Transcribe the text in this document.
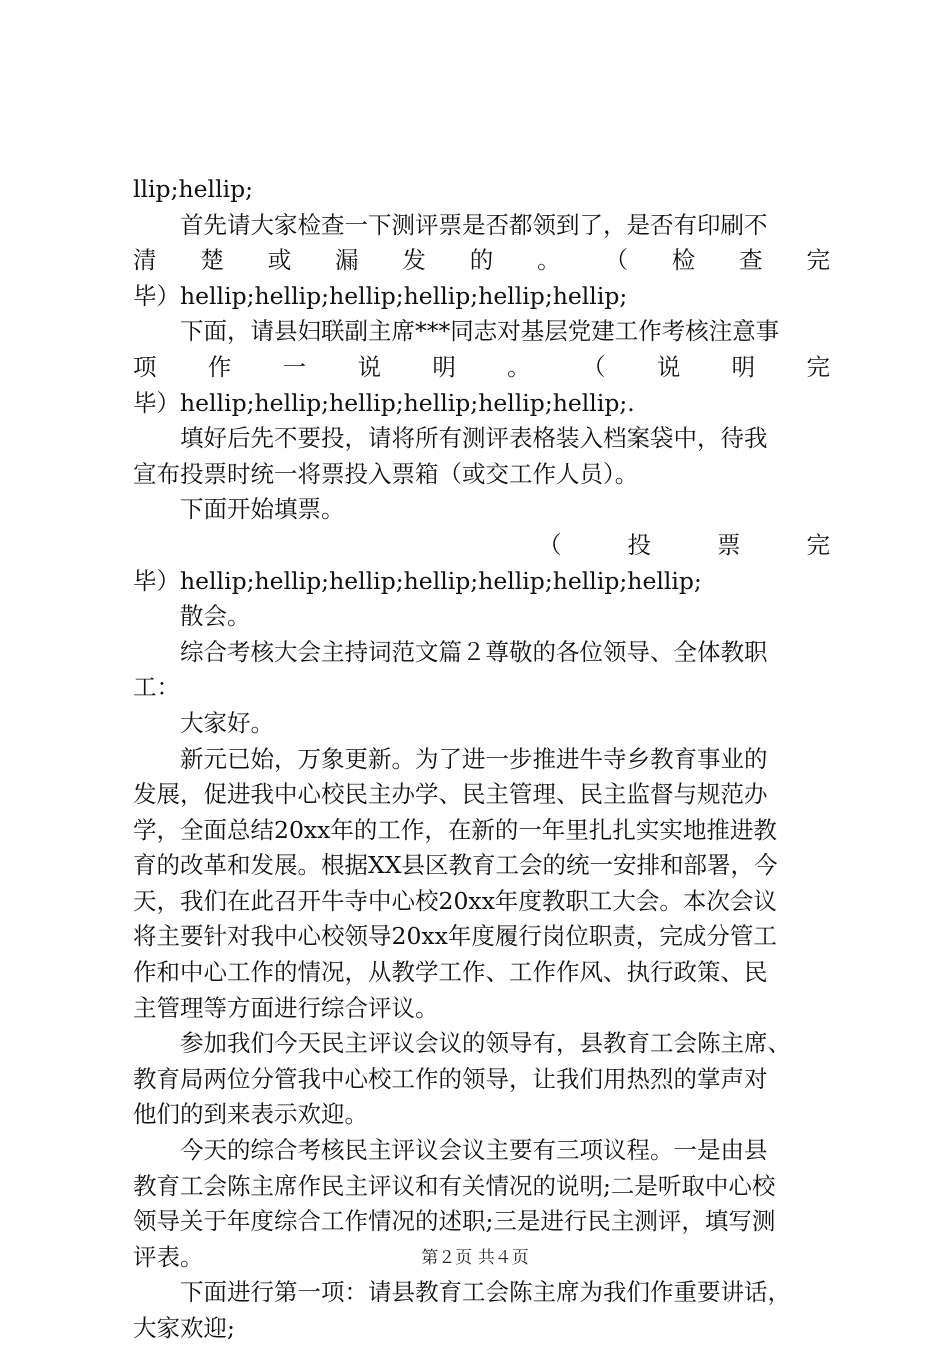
llip;hellip;
首先请大家检查一下测评票是否都领到了，是否有印刷不
清 楚 或 漏 发 的 。 （ 检 查 完
毕）hellip;hellip;hellip;hellip;hellip;hellip;
下面，请县妇联副主席***同志对基层党建工作考核注意事
项 作 一 说 明 。 （ 说 明 完
毕）hellip;hellip;hellip;hellip;hellip;hellip;.
填好后先不要投，请将所有测评表格装入档案袋中，待我
宣布投票时统一将票投入票箱（或交工作人员）。
下面开始填票。
（ 投 票 完
毕）hellip;hellip;hellip;hellip;hellip;hellip;hellip;
散会。
综合考核大会主持词范文篇２尊敬的各位领导、全体教职
工：
大家好。
新元已始，万象更新。为了进一步推进牛寺乡教育事业的
发展，促进我中心校民主办学、民主管理、民主监督与规范办
学，全面总结20xx年的工作，在新的一年里扎扎实实地推进教
育的改革和发展。根据XX县区教育工会的统一安排和部署，今
天，我们在此召开牛寺中心校20xx年度教职工大会。本次会议
将主要针对我中心校领导20xx年度履行岗位职责，完成分管工
作和中心工作的情况，从教学工作、工作作风、执行政策、民
主管理等方面进行综合评议。
参加我们今天民主评议会议的领导有，县教育工会陈主席、
教育局两位分管我中心校工作的领导，让我们用热烈的掌声对
他们的到来表示欢迎。
今天的综合考核民主评议会议主要有三项议程。一是由县
教育工会陈主席作民主评议和有关情况的说明;二是听取中心校
领导关于年度综合工作情况的述职;三是进行民主测评，填写测
评表。
下面进行第一项：请县教育工会陈主席为我们作重要讲话，
大家欢迎;
第２页 共４页
